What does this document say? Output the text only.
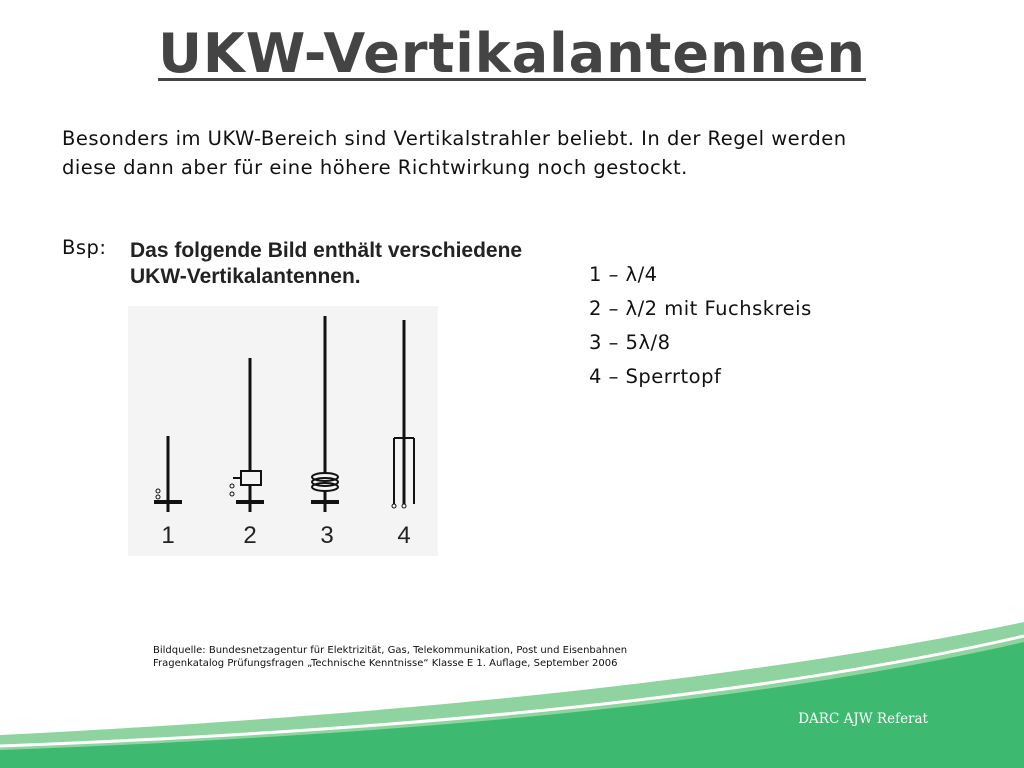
UKW-Vertikalantennen
Besonders im UKW-Bereich sind Vertikalstrahler beliebt. In der Regel werden
diese dann aber für eine höhere Richtwirkung noch gestockt.
Bsp: Das folgende Bild enthält verschiedene
UKW-Vertikalantennen.
1	2	3	4
1 – λ/4
2 – λ/2 mit Fuchskreis
3 – 5λ/8
4 – Sperrtopf
Bildquelle: Bundesnetzagentur für Elektrizität, Gas, Telekommunikation, Post und Eisenbahnen
Fragenkatalog Prüfungsfragen „Technische Kenntnisse“ Klasse E 1. Auflage, September 2006
DARC AJW Referat
